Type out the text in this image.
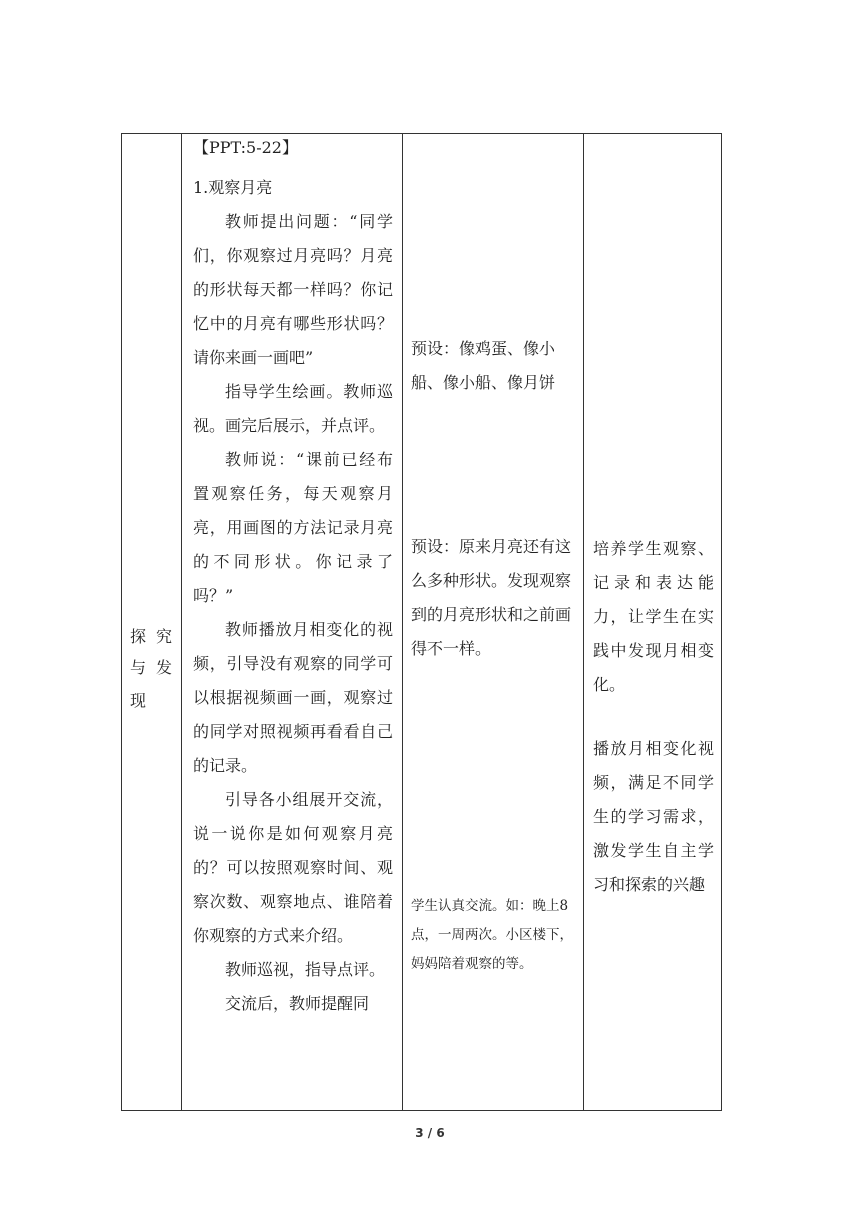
探 究
与 发
现

【PPT:5-22】

1.观察月亮

教师提出问题：“同学们，你观察过月亮吗？月亮的形状每天都一样吗？你记忆中的月亮有哪些形状吗？请你来画一画吧”

指导学生绘画。教师巡视。画完后展示，并点评。

教师说：“课前已经布置观察任务，每天观察月亮，用画图的方法记录月亮的不同形状。你记录了吗？”

教师播放月相变化的视频，引导没有观察的同学可以根据视频画一画，观察过的同学对照视频再看看自己的记录。

引导各小组展开交流，说一说你是如何观察月亮的？可以按照观察时间、观察次数、观察地点、谁陪着你观察的方式来介绍。

教师巡视，指导点评。

交流后，教师提醒同

预设：像鸡蛋、像小船、像小船、像月饼
预设：原来月亮还有这么多种形状。发现观察到的月亮形状和之前画得不一样。
学生认真交流。如：晚上8点，一周两次。小区楼下，妈妈陪着观察的等。

培养学生观察、记录和表达能力，让学生在实践中发现月相变化。

播放月相变化视频，满足不同学生的学习需求，激发学生自主学习和探索的兴趣

3 / 6
